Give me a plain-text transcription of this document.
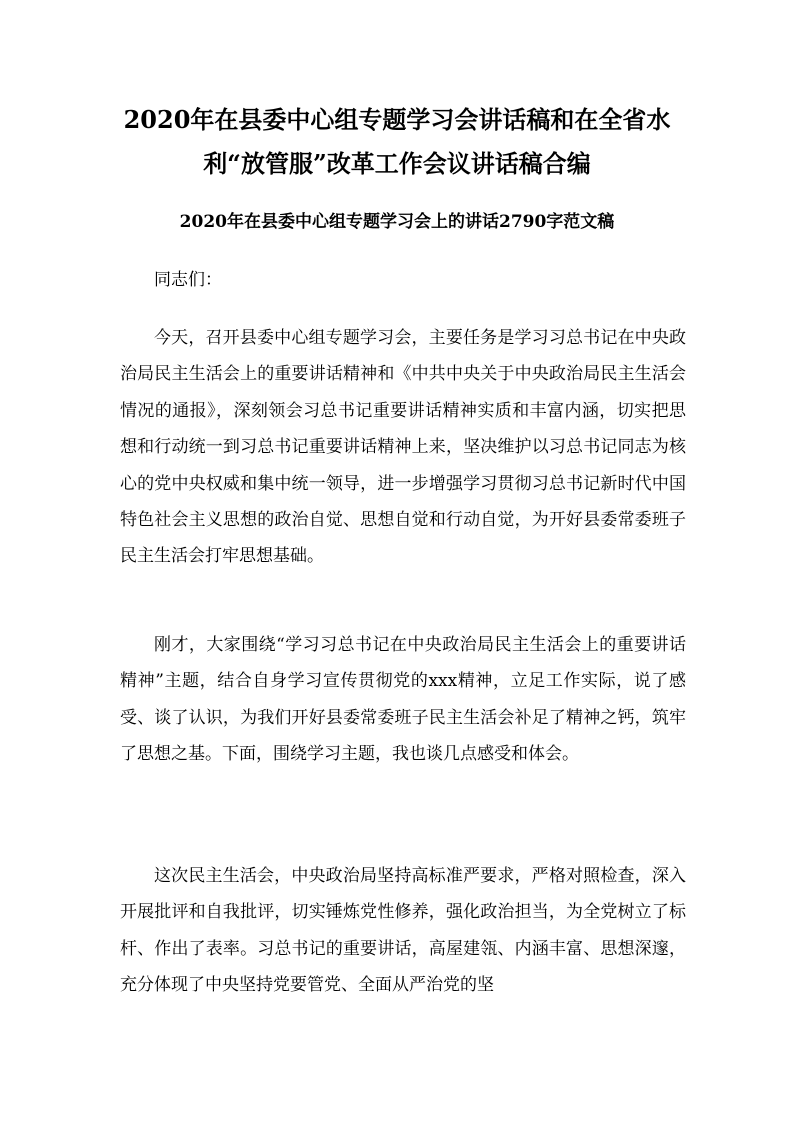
2020年在县委中心组专题学习会讲话稿和在全省水利“放管服”改革工作会议讲话稿合编
2020年在县委中心组专题学习会上的讲话2790字范文稿

同志们：

今天，召开县委中心组专题学习会，主要任务是学习习总书记在中央政治局民主生活会上的重要讲话精神和《中共中央关于中央政治局民主生活会情况的通报》，深刻领会习总书记重要讲话精神实质和丰富内涵，切实把思想和行动统一到习总书记重要讲话精神上来，坚决维护以习总书记同志为核心的党中央权威和集中统一领导，进一步增强学习贯彻习总书记新时代中国特色社会主义思想的政治自觉、思想自觉和行动自觉，为开好县委常委班子民主生活会打牢思想基础。

刚才，大家围绕“学习习总书记在中央政治局民主生活会上的重要讲话精神”主题，结合自身学习宣传贯彻党的xxx精神，立足工作实际，说了感受、谈了认识，为我们开好县委常委班子民主生活会补足了精神之钙，筑牢了思想之基。下面，围绕学习主题，我也谈几点感受和体会。

这次民主生活会，中央政治局坚持高标准严要求，严格对照检查，深入开展批评和自我批评，切实锤炼党性修养，强化政治担当，为全党树立了标杆、作出了表率。习总书记的重要讲话，高屋建瓴、内涵丰富、思想深邃，充分体现了中央坚持党要管党、全面从严治党的坚
